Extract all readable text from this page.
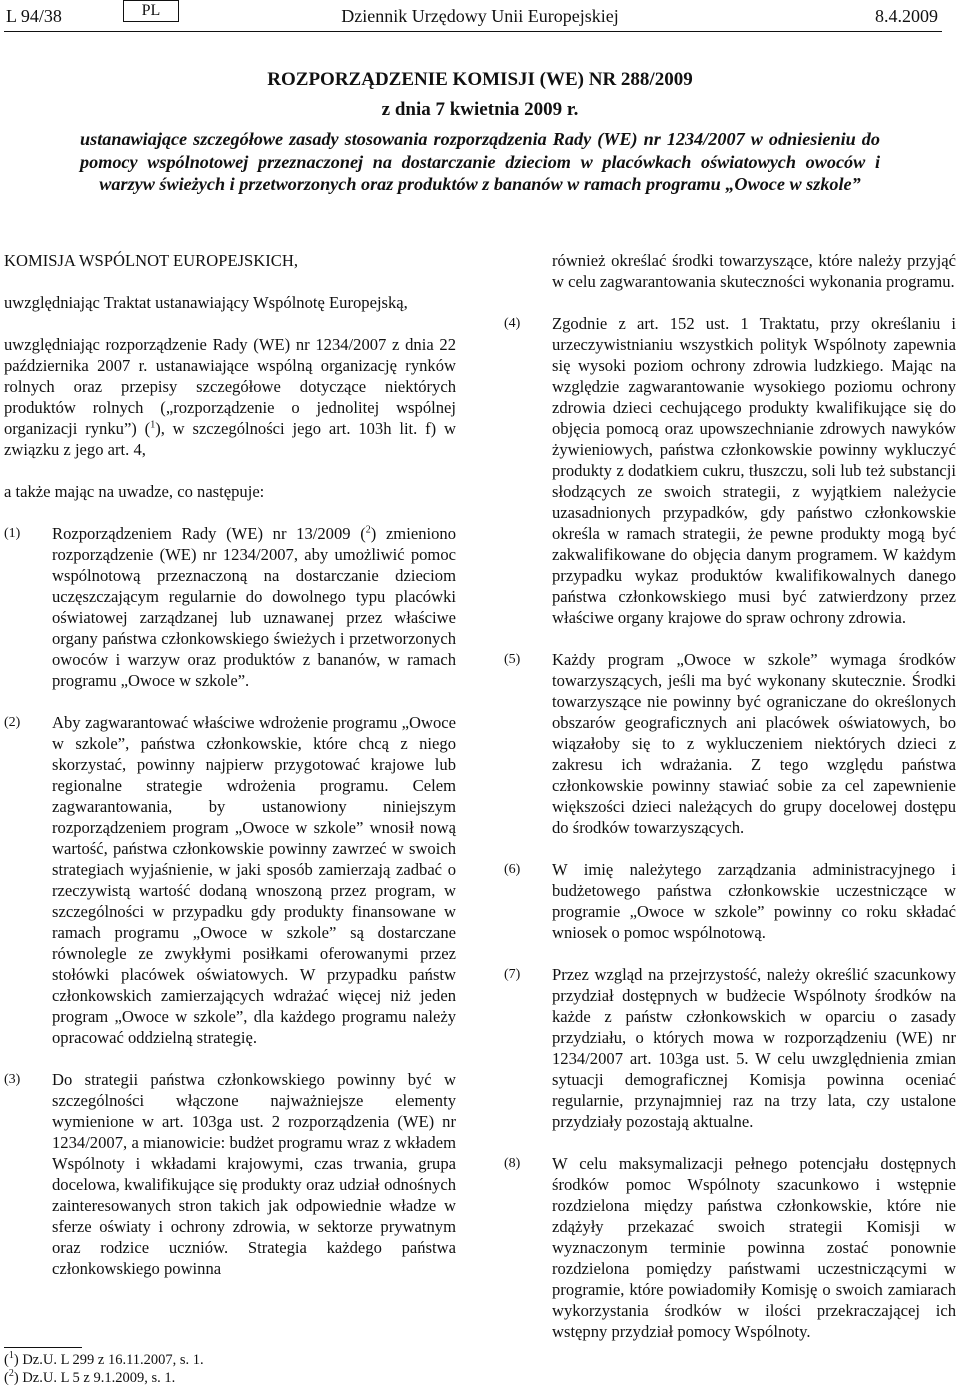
L 94/38	PL	Dziennik Urzędowy Unii Europejskiej	8.4.2009
ROZPORZĄDZENIE KOMISJI (WE) NR 288/2009
z dnia 7 kwietnia 2009 r.
ustanawiające szczegółowe zasady stosowania rozporządzenia Rady (WE) nr 1234/2007 w odniesieniu do pomocy wspólnotowej przeznaczonej na dostarczanie dzieciom w placówkach oświatowych owoców i warzyw świeżych i przetworzonych oraz produktów z bananów w ramach programu „Owoce w szkole”

KOMISJA WSPÓLNOT EUROPEJSKICH,

uwzględniając Traktat ustanawiający Wspólnotę Europejską,

uwzględniając rozporządzenie Rady (WE) nr 1234/2007 z dnia 22 października 2007 r. ustanawiające wspólną organizację rynków rolnych oraz przepisy szczegółowe dotyczące niektórych produktów rolnych („rozporządzenie o jednolitej wspólnej organizacji rynku”) ($^1$), w szczególności jego art. 103h lit. f) w związku z jego art. 4,

a także mając na uwadze, co następuje:

(1)	Rozporządzeniem Rady (WE) nr 13/2009 ($^2$) zmieniono rozporządzenie (WE) nr 1234/2007, aby umożliwić pomoc wspólnotową przeznaczoną na dostarczanie dzieciom uczęszczającym regularnie do dowolnego typu placówki oświatowej zarządzanej lub uznawanej przez właściwe organy państwa członkowskiego świeżych i przetworzonych owoców i warzyw oraz produktów z bananów, w ramach programu „Owoce w szkole”.
(2)	Aby zagwarantować właściwe wdrożenie programu „Owoce w szkole”, państwa członkowskie, które chcą z niego skorzystać, powinny najpierw przygotować krajowe lub regionalne strategie wdrożenia programu. Celem zagwarantowania, by ustanowiony niniejszym rozporządzeniem program „Owoce w szkole” wnosił nową wartość, państwa członkowskie powinny zawrzeć w swoich strategiach wyjaśnienie, w jaki sposób zamierzają zadbać o rzeczywistą wartość dodaną wnoszoną przez program, w szczególności w przypadku gdy produkty finansowane w ramach programu „Owoce w szkole” są dostarczane równolegle ze zwykłymi posiłkami oferowanymi przez stołówki placówek oświatowych. W przypadku państw członkowskich zamierzających wdrażać więcej niż jeden program „Owoce w szkole”, dla każdego programu należy opracować oddzielną strategię.
(3)	Do strategii państwa członkowskiego powinny być w szczególności włączone najważniejsze elementy wymienione w art. 103ga ust. 2 rozporządzenia (WE) nr 1234/2007, a mianowicie: budżet programu wraz z wkładem Wspólnoty i wkładami krajowymi, czas trwania, grupa docelowa, kwalifikujące się produkty oraz udział odnośnych zainteresowanych stron takich jak odpowiednie władze w sferze oświaty i ochrony zdrowia, w sektorze prywatnym oraz rodzice uczniów. Strategia każdego państwa członkowskiego powinna
również określać środki towarzyszące, które należy przyjąć w celu zagwarantowania skuteczności wykonania programu.
(4)	Zgodnie z art. 152 ust. 1 Traktatu, przy określaniu i urzeczywistnianiu wszystkich polityk Wspólnoty zapewnia się wysoki poziom ochrony zdrowia ludzkiego. Mając na względzie zagwarantowanie wysokiego poziomu ochrony zdrowia dzieci cechującego produkty kwalifikujące się do objęcia pomocą oraz upowszechnianie zdrowych nawyków żywieniowych, państwa członkowskie powinny wykluczyć produkty z dodatkiem cukru, tłuszczu, soli lub też substancji słodzących ze swoich strategii, z wyjątkiem należycie uzasadnionych przypadków, gdy państwo członkowskie określa w ramach strategii, że pewne produkty mogą być zakwalifikowane do objęcia danym programem. W każdym przypadku wykaz produktów kwalifikowalnych danego państwa członkowskiego musi być zatwierdzony przez właściwe organy krajowe do spraw ochrony zdrowia.
(5)	Każdy program „Owoce w szkole” wymaga środków towarzyszących, jeśli ma być wykonany skutecznie. Środki towarzyszące nie powinny być ograniczane do określonych obszarów geograficznych ani placówek oświatowych, bo wiązałoby się to z wykluczeniem niektórych dzieci z zakresu ich wdrażania. Z tego względu państwa członkowskie powinny stawiać sobie za cel zapewnienie większości dzieci należących do grupy docelowej dostępu do środków towarzyszących.
(6)	W imię należytego zarządzania administracyjnego i budżetowego państwa członkowskie uczestniczące w programie „Owoce w szkole” powinny co roku składać wniosek o pomoc wspólnotową.
(7)	Przez wzgląd na przejrzystość, należy określić szacunkowy przydział dostępnych w budżecie Wspólnoty środków na każde z państw członkowskich w oparciu o zasady przydziału, o których mowa w rozporządzeniu (WE) nr 1234/2007 art. 103ga ust. 5. W celu uwzględnienia zmian sytuacji demograficznej Komisja powinna oceniać regularnie, przynajmniej raz na trzy lata, czy ustalone przydziały pozostają aktualne.
(8)	W celu maksymalizacji pełnego potencjału dostępnych środków pomoc Wspólnoty szacunkowo i wstępnie rozdzielona między państwa członkowskie, które nie zdążyły przekazać swoich strategii Komisji w wyznaczonym terminie powinna zostać ponownie rozdzielona pomiędzy państwami uczestniczącymi w programie, które powiadomiły Komisję o swoich zamiarach wykorzystania środków w ilości przekraczającej ich wstępny przydział pomocy Wspólnoty.
($^1$) Dz.U. L 299 z 16.11.2007, s. 1.
($^2$) Dz.U. L 5 z 9.1.2009, s. 1.
